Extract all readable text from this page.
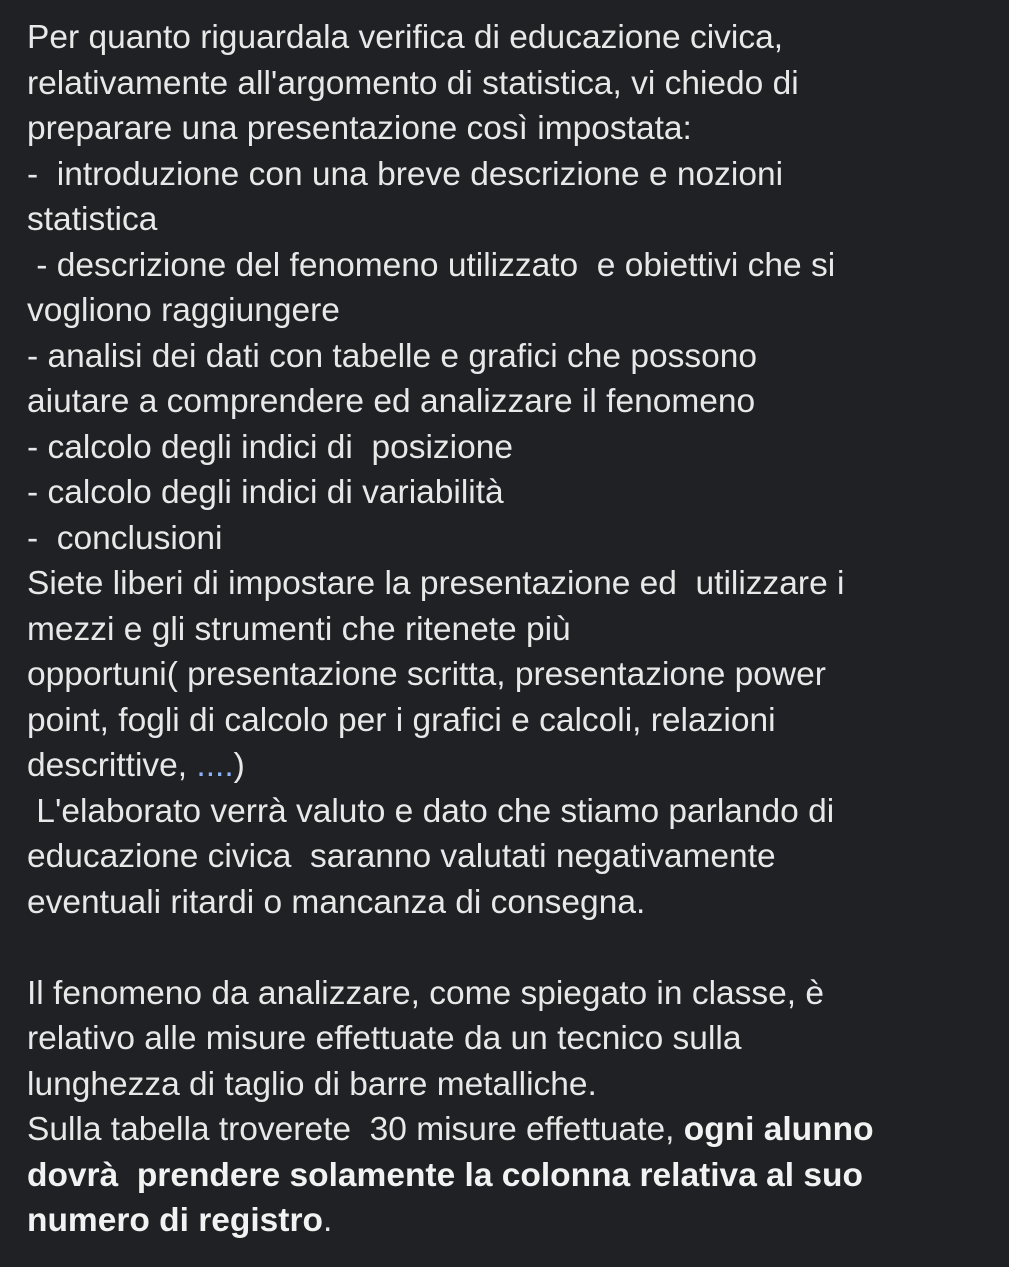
Per quanto riguardala verifica di educazione civica,
relativamente all'argomento di statistica, vi chiedo di
preparare una presentazione così impostata:
-  introduzione con una breve descrizione e nozioni
statistica
- descrizione del fenomeno utilizzato  e obiettivi che si
vogliono raggiungere
- analisi dei dati con tabelle e grafici che possono
aiutare a comprendere ed analizzare il fenomeno
- calcolo degli indici di  posizione
- calcolo degli indici di variabilità
-  conclusioni
Siete liberi di impostare la presentazione ed  utilizzare i
mezzi e gli strumenti che ritenete più
opportuni( presentazione scritta, presentazione power
point, fogli di calcolo per i grafici e calcoli, relazioni
descrittive, ....)
L'elaborato verrà valuto e dato che stiamo parlando di
educazione civica  saranno valutati negativamente
eventuali ritardi o mancanza di consegna.
Il fenomeno da analizzare, come spiegato in classe, è
relativo alle misure effettuate da un tecnico sulla
lunghezza di taglio di barre metalliche.
Sulla tabella troverete  30 misure effettuate, ogni alunno
dovrà  prendere solamente la colonna relativa al suo
numero di registro.
